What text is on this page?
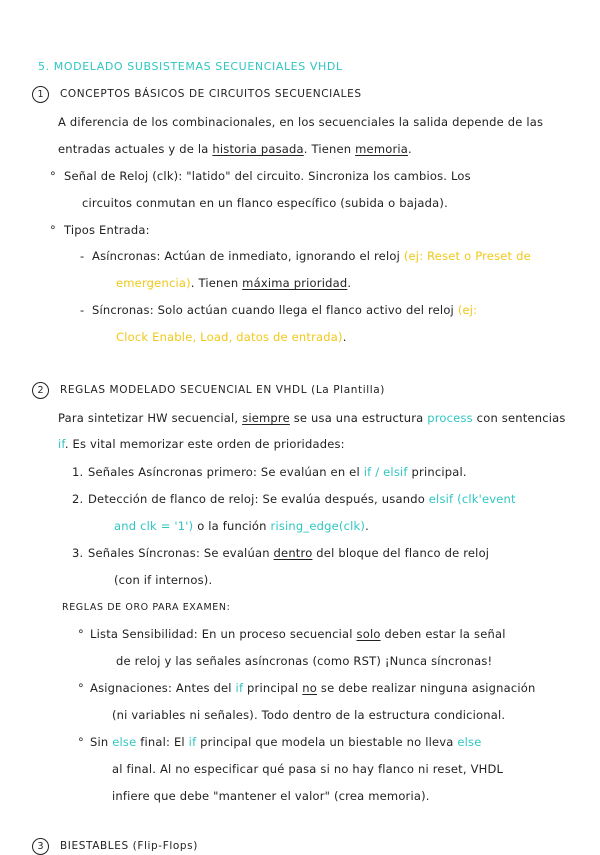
5. MODELADO SUBSISTEMAS SECUENCIALES VHDL
1	CONCEPTOS BÁSICOS DE CIRCUITOS SECUENCIALES
A diferencia de los combinacionales, en los secuenciales la salida depende de las
entradas actuales y de la historia pasada. Tienen memoria.
° Señal de Reloj (clk): "latido" del circuito. Sincroniza los cambios. Los
circuitos conmutan en un flanco específico (subida o bajada).
° Tipos Entrada:
- Asíncronas: Actúan de inmediato, ignorando el reloj (ej: Reset o Preset de
emergencia). Tienen máxima prioridad.
- Síncronas: Solo actúan cuando llega el flanco activo del reloj (ej:
Clock Enable, Load, datos de entrada).
2	REGLAS MODELADO SECUENCIAL EN VHDL (La Plantilla)
Para sintetizar HW secuencial, siempre se usa una estructura process con sentencias
if. Es vital memorizar este orden de prioridades:
1. Señales Asíncronas primero: Se evalúan en el if / elsif principal.
2. Detección de flanco de reloj: Se evalúa después, usando elsif (clk'event
and clk = '1') o la función rising_edge(clk).
3. Señales Síncronas: Se evalúan dentro del bloque del flanco de reloj
(con if internos).
REGLAS DE ORO PARA EXAMEN:
° Lista Sensibilidad: En un proceso secuencial solo deben estar la señal
de reloj y las señales asíncronas (como RST) ¡Nunca síncronas!
° Asignaciones: Antes del if principal no se debe realizar ninguna asignación
(ni variables ni señales). Todo dentro de la estructura condicional.
° Sin else final: El if principal que modela un biestable no lleva else
al final. Al no especificar qué pasa si no hay flanco ni reset, VHDL
infiere que debe "mantener el valor" (crea memoria).
3	BIESTABLES (Flip-Flops)
